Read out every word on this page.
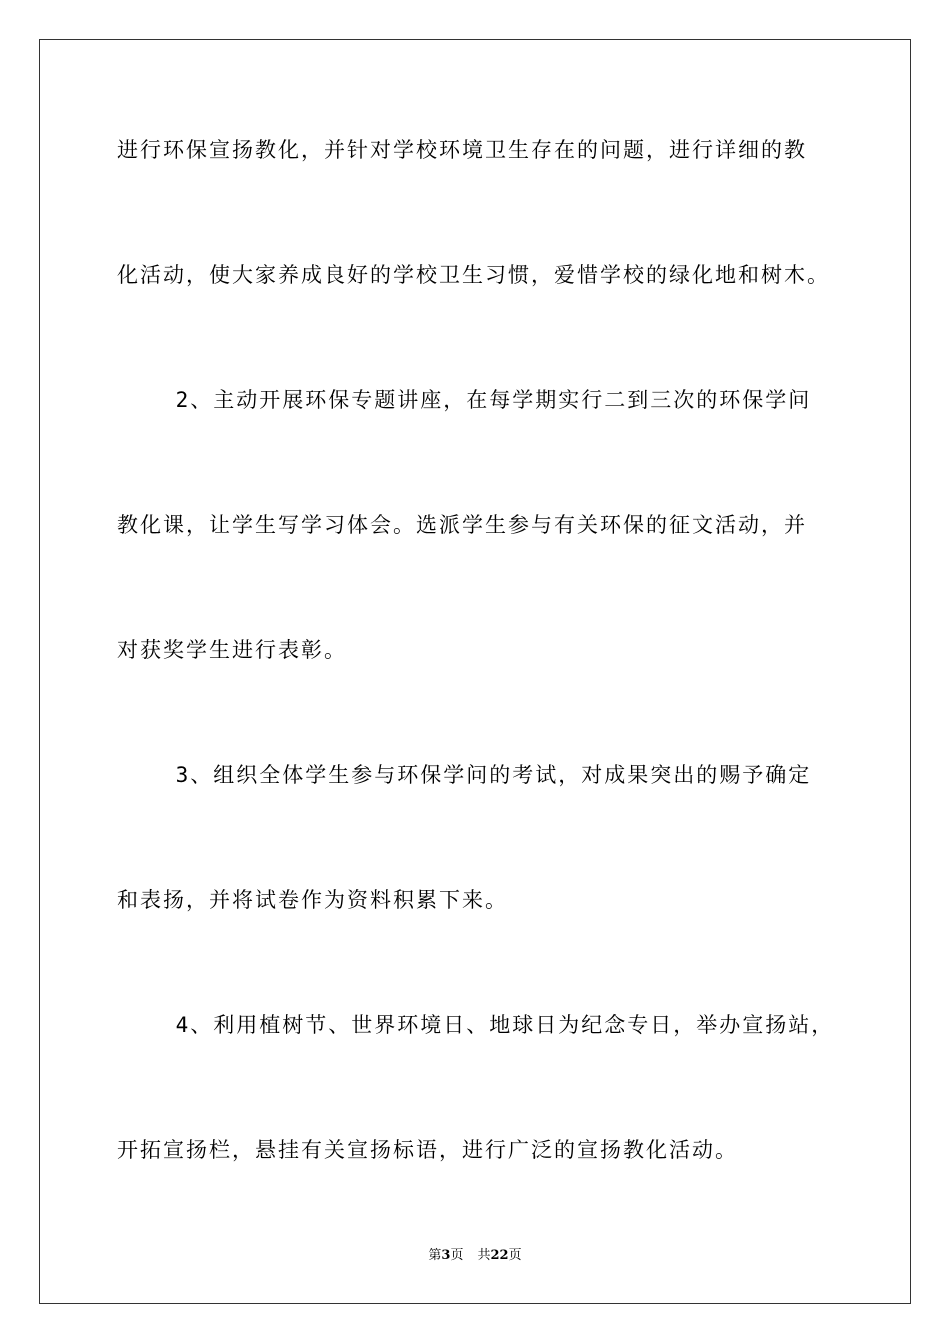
进行环保宣扬教化，并针对学校环境卫生存在的问题，进行详细的教
化活动，使大家养成良好的学校卫生习惯，爱惜学校的绿化地和树木。
2、主动开展环保专题讲座，在每学期实行二到三次的环保学问
教化课，让学生写学习体会。选派学生参与有关环保的征文活动，并
对获奖学生进行表彰。
3、组织全体学生参与环保学问的考试，对成果突出的赐予确定
和表扬，并将试卷作为资料积累下来。
4、利用植树节、世界环境日、地球日为纪念专日，举办宣扬站，
开拓宣扬栏，悬挂有关宣扬标语，进行广泛的宣扬教化活动。
第3页 共22页
